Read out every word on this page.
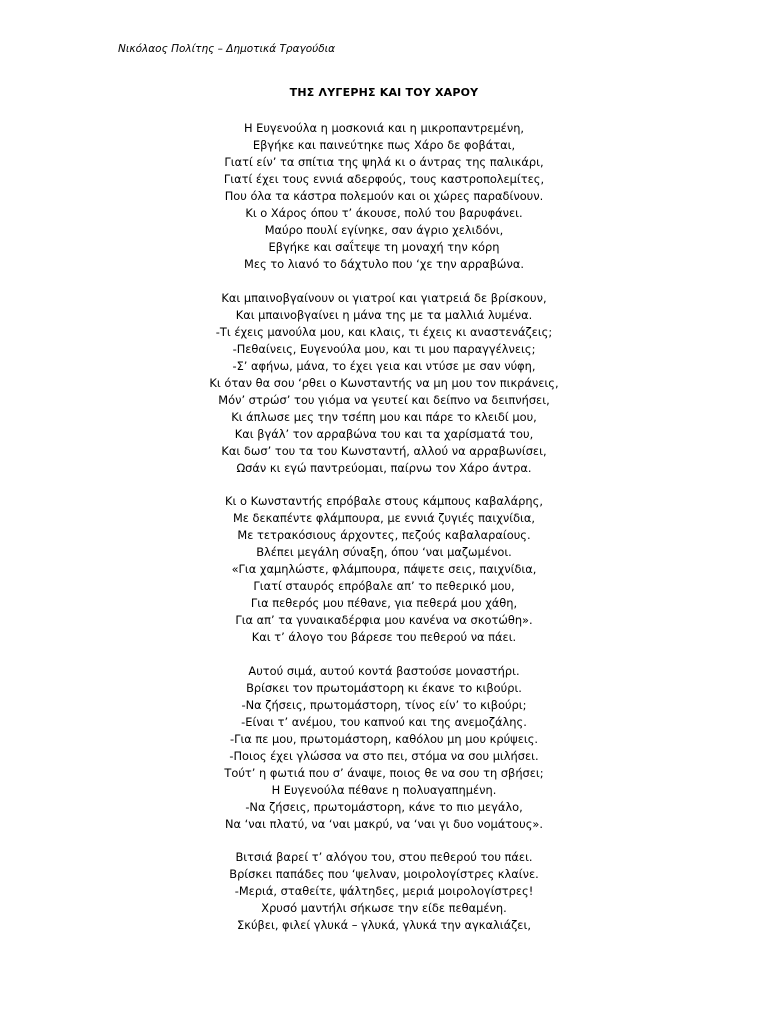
Νικόλαος Πολίτης – Δημοτικά Τραγούδια
ΤΗΣ ΛΥΓΕΡΗΣ ΚΑΙ ΤΟΥ ΧΑΡΟΥ
Η Ευγενούλα η μοσκονιά και η μικροπαντρεμένη,
Εβγήκε και παινεύτηκε πως Χάρο δε φοβάται,
Γιατί είν’ τα σπίτια της ψηλά κι ο άντρας της παλικάρι,
Γιατί έχει τους εννιά αδερφούς, τους καστροπολεμίτες,
Που όλα τα κάστρα πολεμούν και οι χώρες παραδίνουν.
Κι ο Χάρος όπου τ’ άκουσε, πολύ του βαρυφάνει.
Μαύρο πουλί εγίνηκε, σαν άγριο χελιδόνι,
Εβγήκε και σαΐτεψε τη μοναχή την κόρη
Μες το λιανό το δάχτυλο που ‘χε την αρραβώνα.
Και μπαινοβγαίνουν οι γιατροί και γιατρειά δε βρίσκουν,
Και μπαινοβγαίνει η μάνα της με τα μαλλιά λυμένα.
-Τι έχεις μανούλα μου, και κλαις, τι έχεις κι αναστενάζεις;
-Πεθαίνεις, Ευγενούλα μου, και τι μου παραγγέλνεις;
-Σ’ αφήνω, μάνα, το έχει γεια και ντύσε με σαν νύφη,
Κι όταν θα σου ‘ρθει ο Κωνσταντής να μη μου τον πικράνεις,
Μόν’ στρώσ’ του γιόμα να γευτεί και δείπνο να δειπνήσει,
Κι άπλωσε μες την τσέπη μου και πάρε το κλειδί μου,
Και βγάλ’ τον αρραβώνα του και τα χαρίσματά του,
Και δωσ’ του τα του Κωνσταντή, αλλού να αρραβωνίσει,
Ωσάν κι εγώ παντρεύομαι, παίρνω τον Χάρο άντρα.
Κι ο Κωνσταντής επρόβαλε στους κάμπους καβαλάρης,
Με δεκαπέντε φλάμπουρα, με εννιά ζυγιές παιχνίδια,
Με τετρακόσιους άρχοντες, πεζούς καβαλαραίους.
Βλέπει μεγάλη σύναξη, όπου ‘ναι μαζωμένοι.
«Για χαμηλώστε, φλάμπουρα, πάψετε σεις, παιχνίδια,
Γιατί σταυρός επρόβαλε απ’ το πεθερικό μου,
Για πεθερός μου πέθανε, για πεθερά μου χάθη,
Για απ’ τα γυναικαδέρφια μου κανένα να σκοτώθη».
Και τ’ άλογο του βάρεσε του πεθερού να πάει.
Αυτού σιμά, αυτού κοντά βαστούσε μοναστήρι.
Βρίσκει τον πρωτομάστορη κι έκανε το κιβούρι.
-Να ζήσεις, πρωτομάστορη, τίνος είν’ το κιβούρι;
-Είναι τ’ ανέμου, του καπνού και της ανεμοζάλης.
-Για πε μου, πρωτομάστορη, καθόλου μη μου κρύψεις.
-Ποιος έχει γλώσσα να στο πει, στόμα να σου μιλήσει.
Τούτ’ η φωτιά που σ’ άναψε, ποιος θε να σου τη σβήσει;
Η Ευγενούλα πέθανε η πολυαγαπημένη.
-Να ζήσεις, πρωτομάστορη, κάνε το πιο μεγάλο,
Να ‘ναι πλατύ, να ‘ναι μακρύ, να ‘ναι γι δυο νομάτους».
Βιτσιά βαρεί τ’ αλόγου του, στου πεθερού του πάει.
Βρίσκει παπάδες που ‘ψελναν, μοιρολογίστρες κλαίνε.
-Μεριά, σταθείτε, ψάλτηδες, μεριά μοιρολογίστρες!
Χρυσό μαντήλι σήκωσε την είδε πεθαμένη.
Σκύβει, φιλεί γλυκά – γλυκά, γλυκά την αγκαλιάζει,
